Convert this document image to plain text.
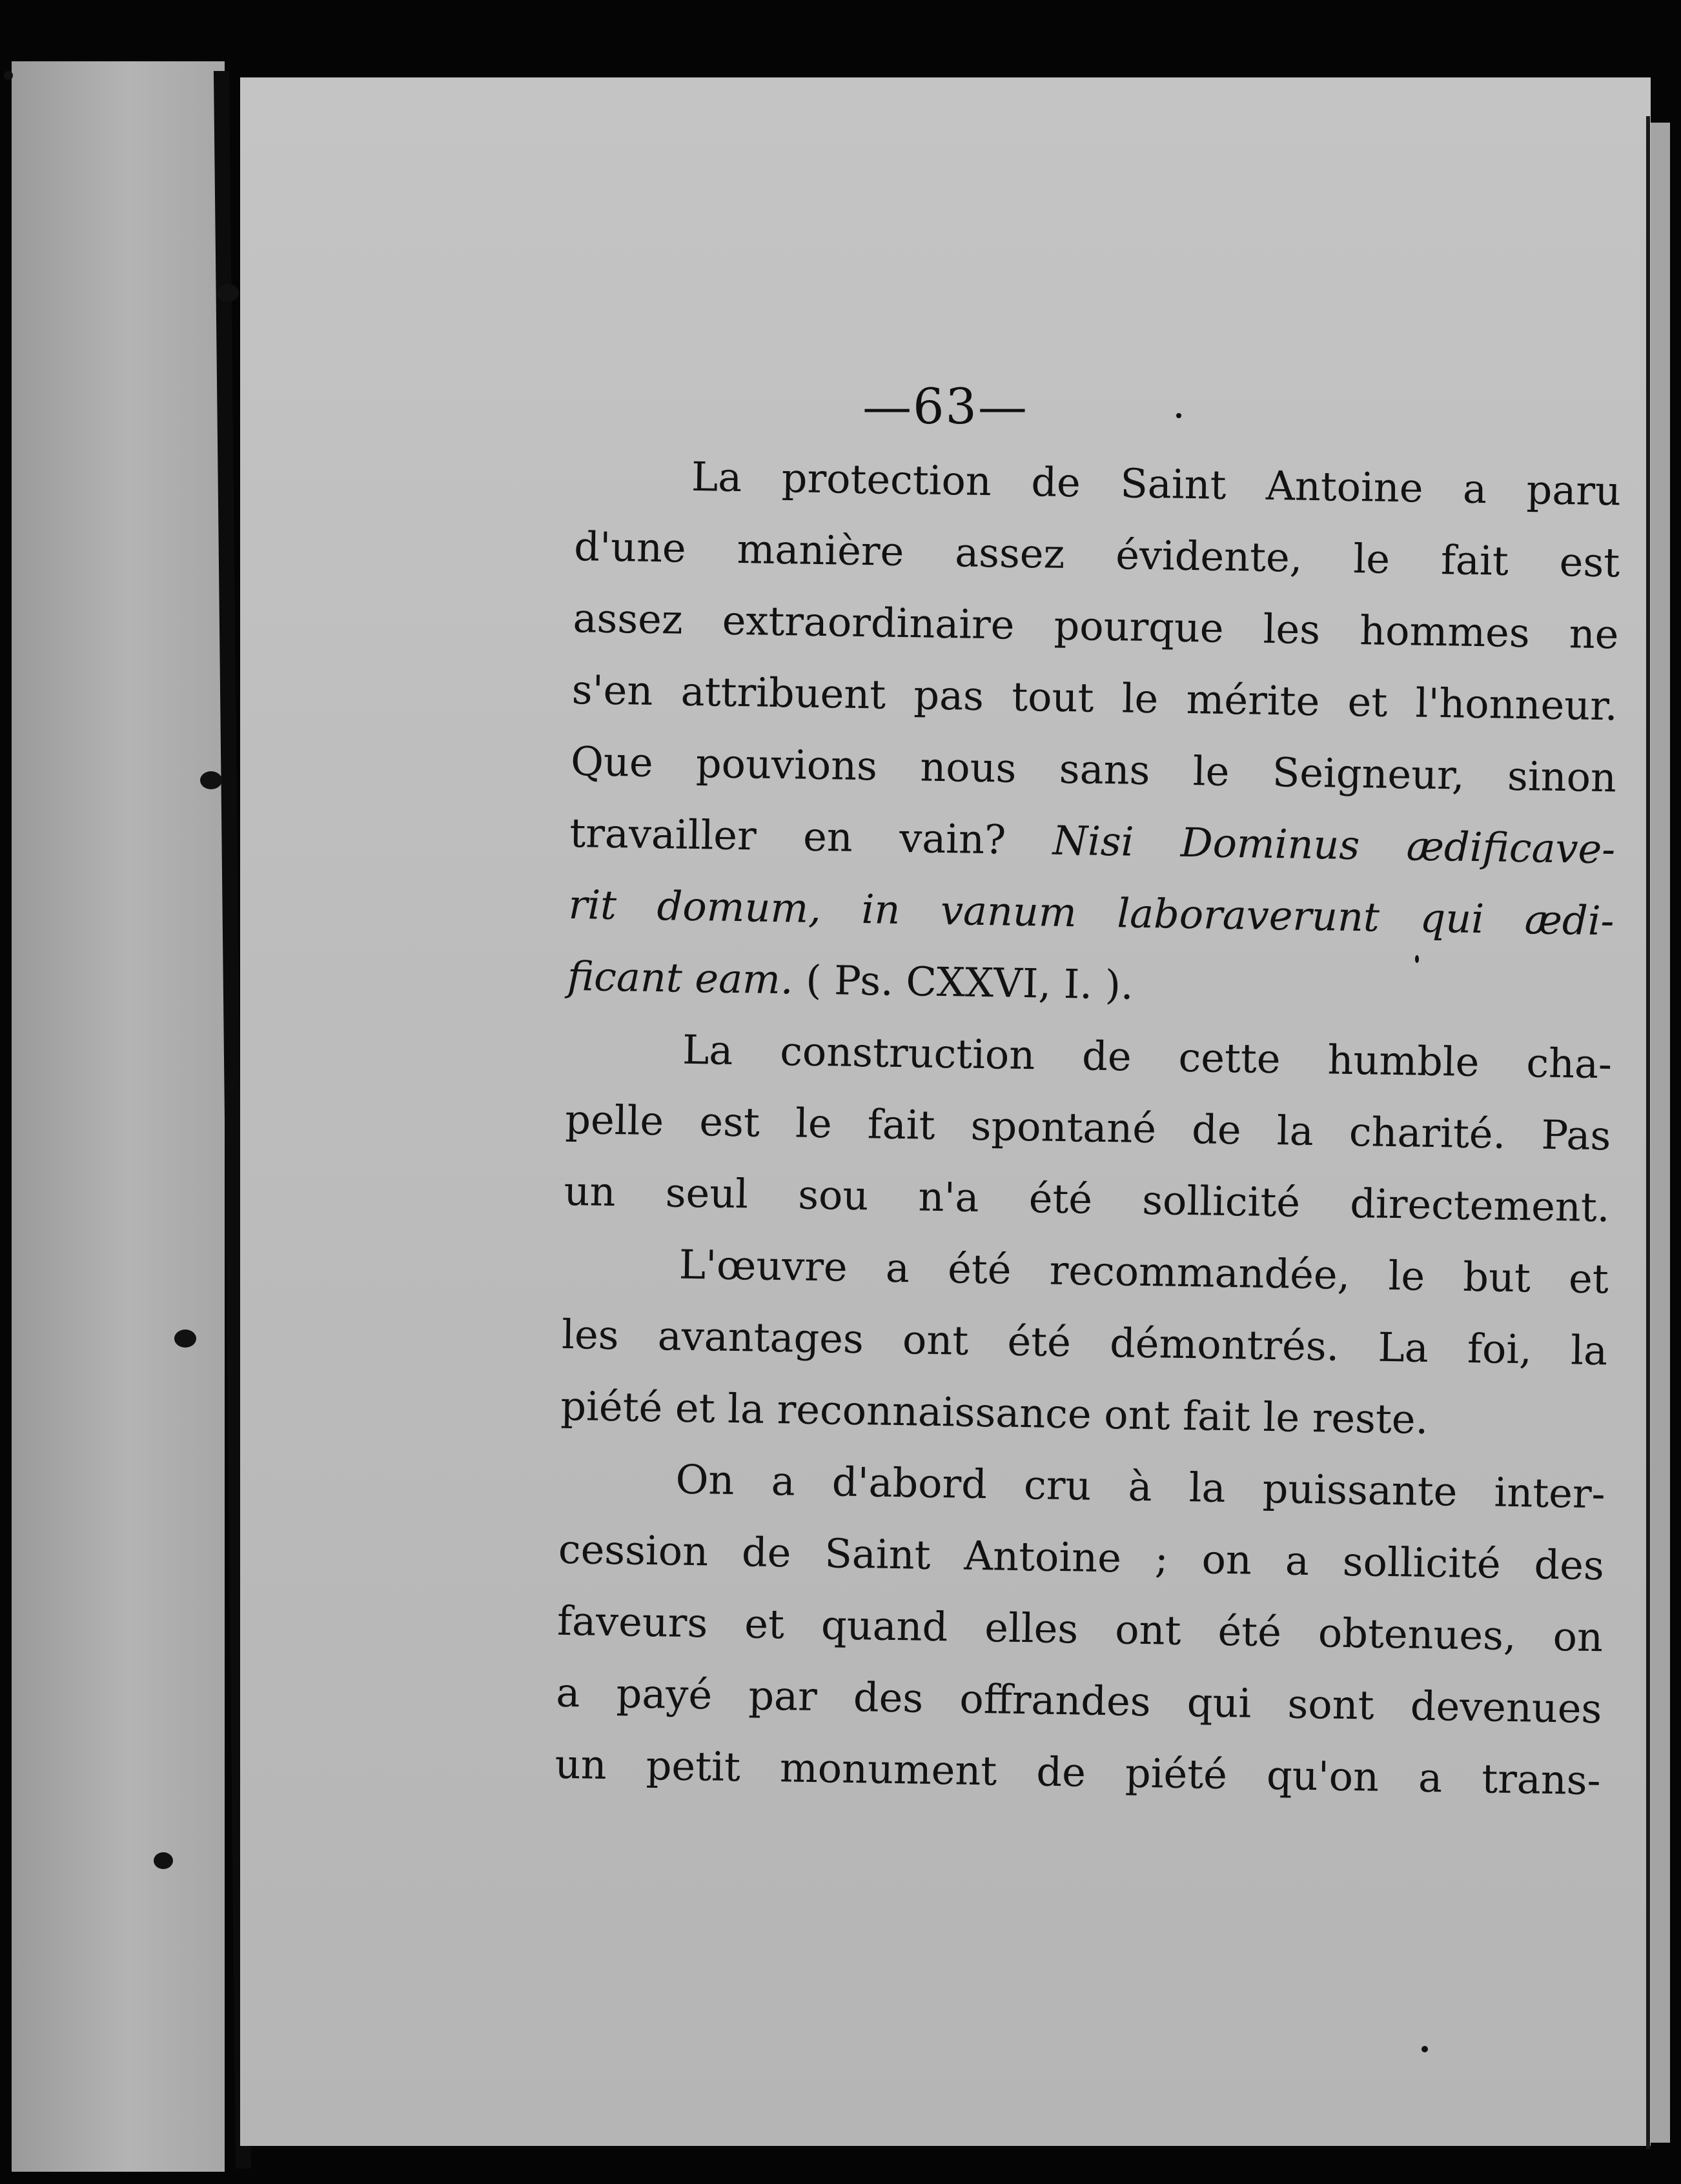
—63—

La protection de Saint Antoine a paru
d'une manière assez évidente, le fait est
assez extraordinaire pourque les hommes ne
s'en attribuent pas tout le mérite et l'honneur.
Que pouvions nous sans le Seigneur, sinon
travailler en vain? Nisi Dominus ædificave-
rit domum, in vanum laboraverunt qui ædi-
ficant eam. ( Ps. CXXVI, I. ).
La construction de cette humble cha-
pelle est le fait spontané de la charité. Pas
un seul sou n'a été sollicité directement.
L'œuvre a été recommandée, le but et
les avantages ont été démontrés. La foi, la
piété et la reconnaissance ont fait le reste.
On a d'abord cru à la puissante inter-
cession de Saint Antoine ; on a sollicité des
faveurs et quand elles ont été obtenues, on
a payé par des offrandes qui sont devenues
un petit monument de piété qu'on a trans-
